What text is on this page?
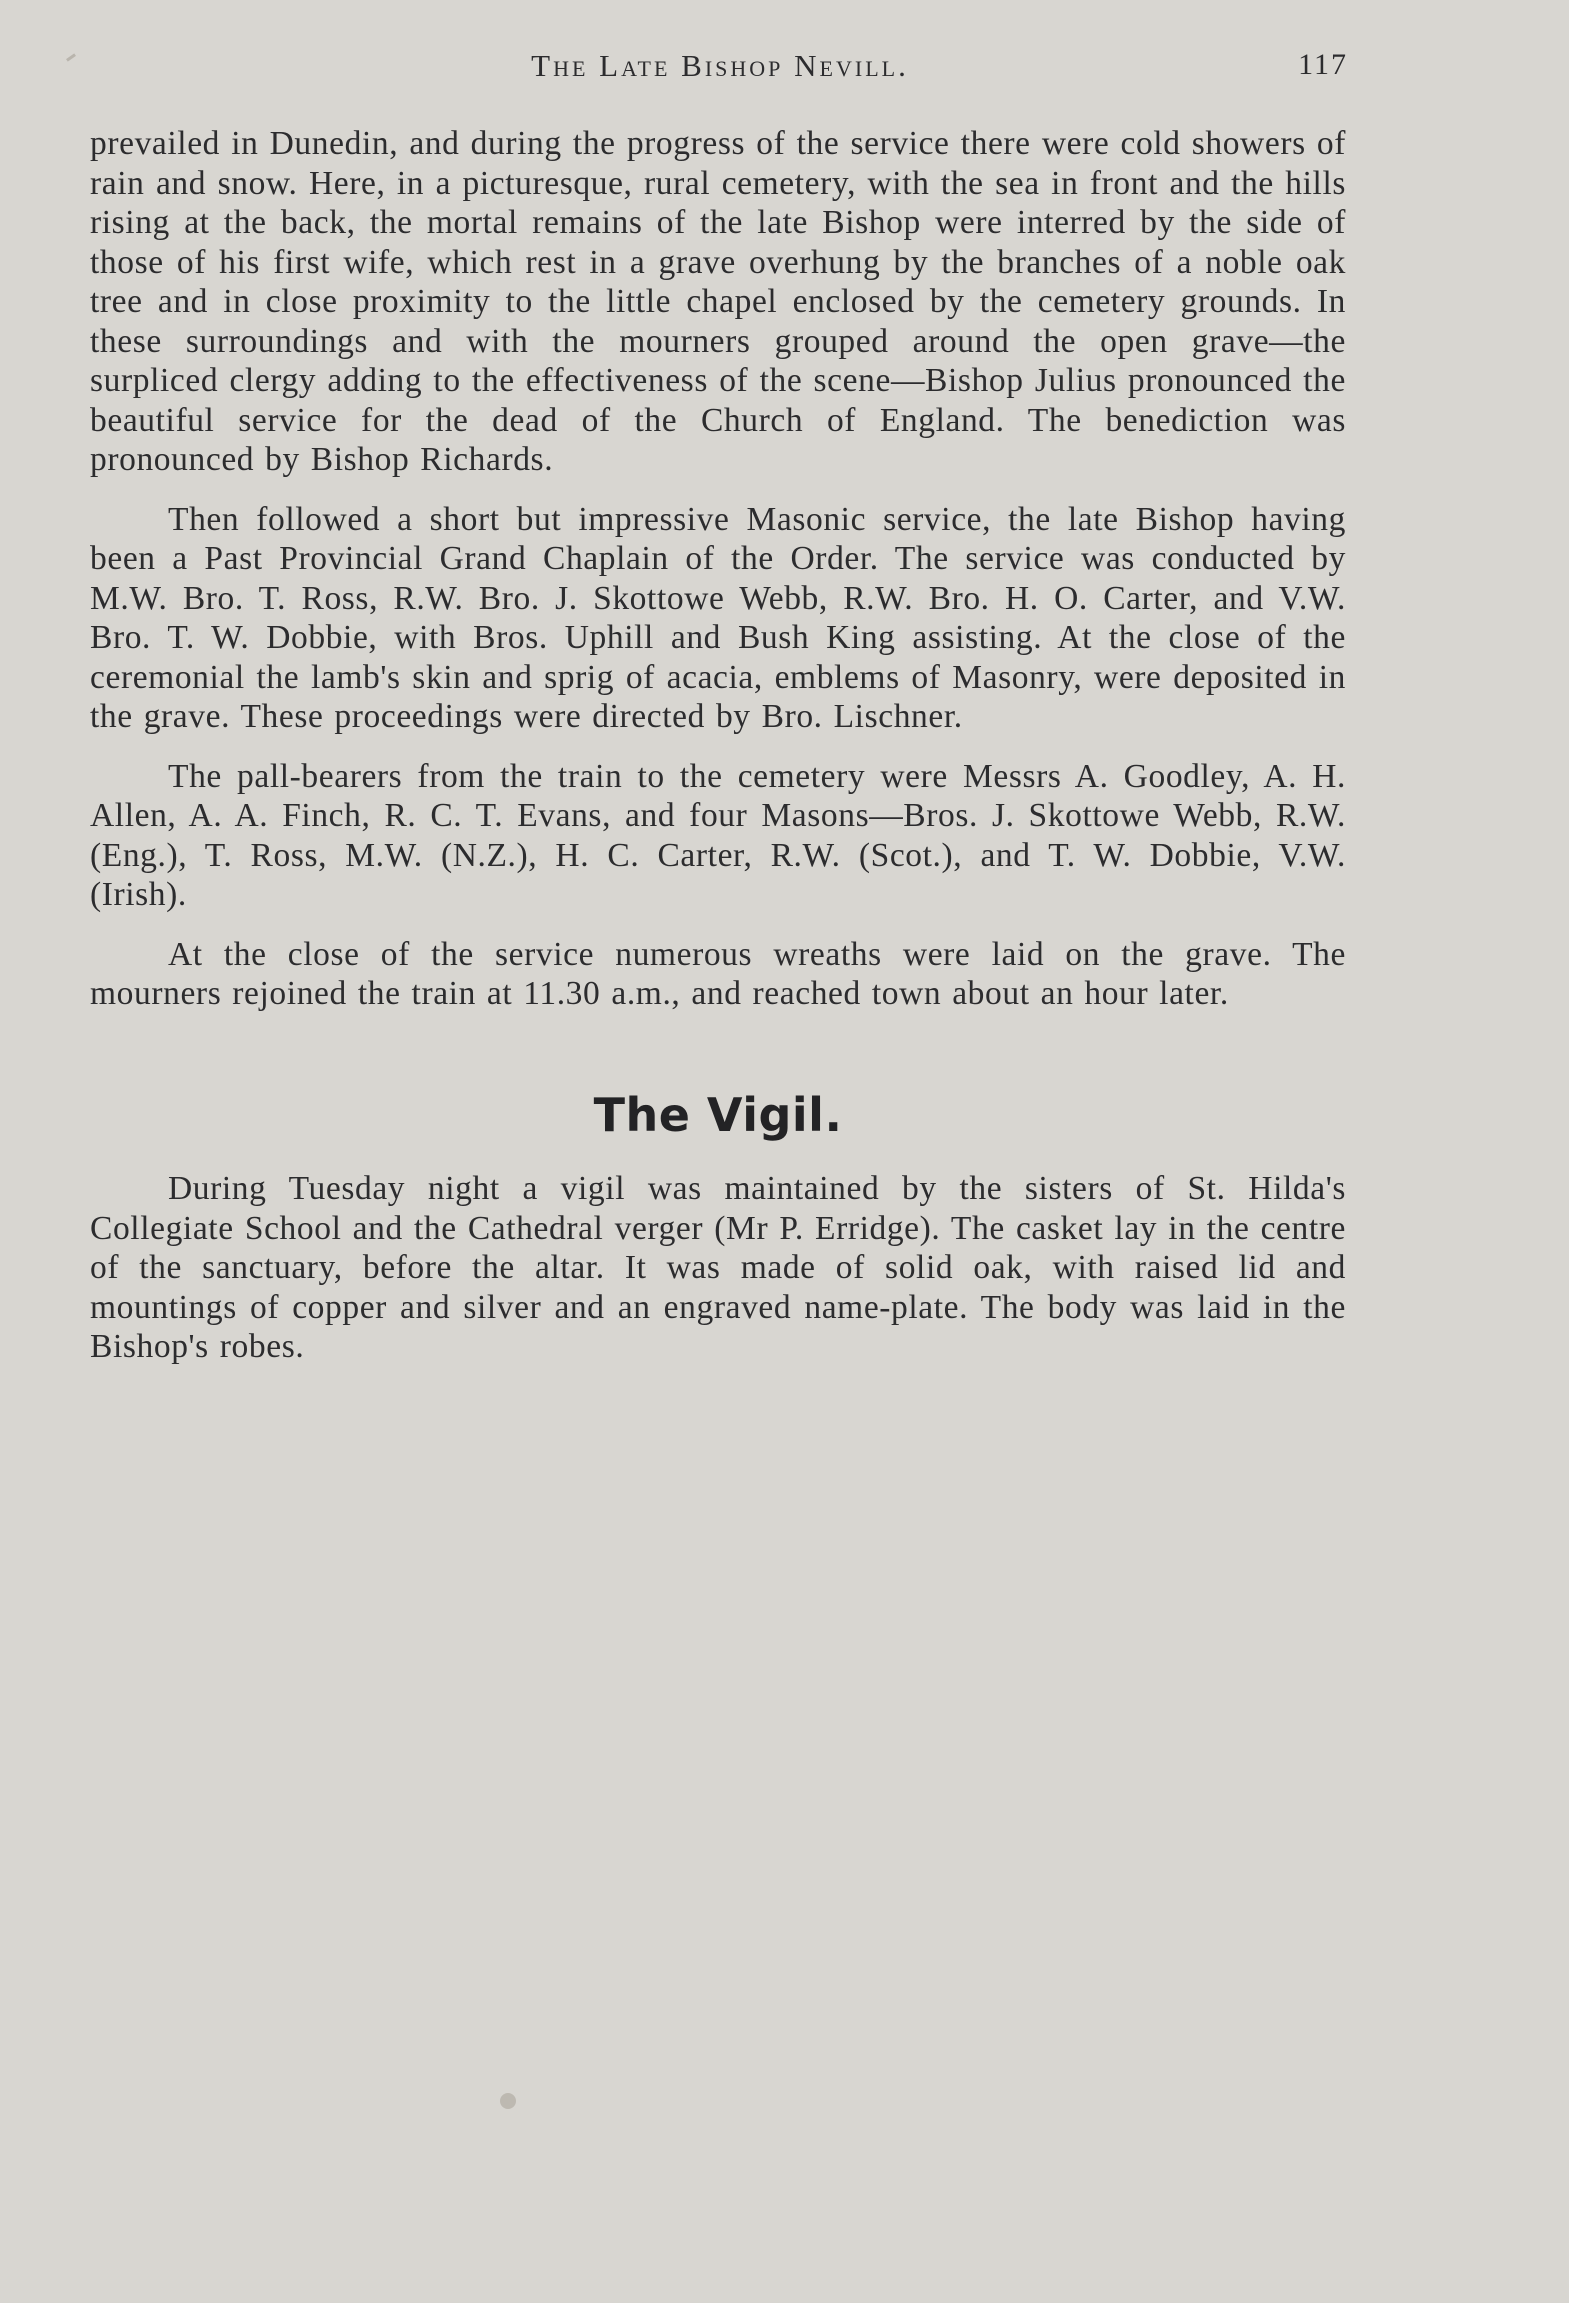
The Late Bishop Nevill.	117

prevailed in Dunedin, and during the progress of the service there were cold showers of rain and snow. Here, in a picturesque, rural cemetery, with the sea in front and the hills rising at the back, the mortal remains of the late Bishop were interred by the side of those of his first wife, which rest in a grave overhung by the branches of a noble oak tree and in close proximity to the little chapel enclosed by the cemetery grounds. In these surroundings and with the mourners grouped around the open grave—the surpliced clergy adding to the effectiveness of the scene—Bishop Julius pronounced the beautiful service for the dead of the Church of England. The benediction was pronounced by Bishop Richards.

Then followed a short but impressive Masonic service, the late Bishop having been a Past Provincial Grand Chaplain of the Order. The service was conducted by M.W. Bro. T. Ross, R.W. Bro. J. Skottowe Webb, R.W. Bro. H. O. Carter, and V.W. Bro. T. W. Dobbie, with Bros. Uphill and Bush King assisting. At the close of the ceremonial the lamb's skin and sprig of acacia, emblems of Masonry, were deposited in the grave. These proceedings were directed by Bro. Lischner.

The pall-bearers from the train to the cemetery were Messrs A. Goodley, A. H. Allen, A. A. Finch, R. C. T. Evans, and four Masons—Bros. J. Skottowe Webb, R.W. (Eng.), T. Ross, M.W. (N.Z.), H. C. Carter, R.W. (Scot.), and T. W. Dobbie, V.W. (Irish).

At the close of the service numerous wreaths were laid on the grave. The mourners rejoined the train at 11.30 a.m., and reached town about an hour later.

The Vigil.

During Tuesday night a vigil was maintained by the sisters of St. Hilda's Collegiate School and the Cathedral verger (Mr P. Erridge). The casket lay in the centre of the sanctuary, before the altar. It was made of solid oak, with raised lid and mountings of copper and silver and an engraved name-plate. The body was laid in the Bishop's robes.
